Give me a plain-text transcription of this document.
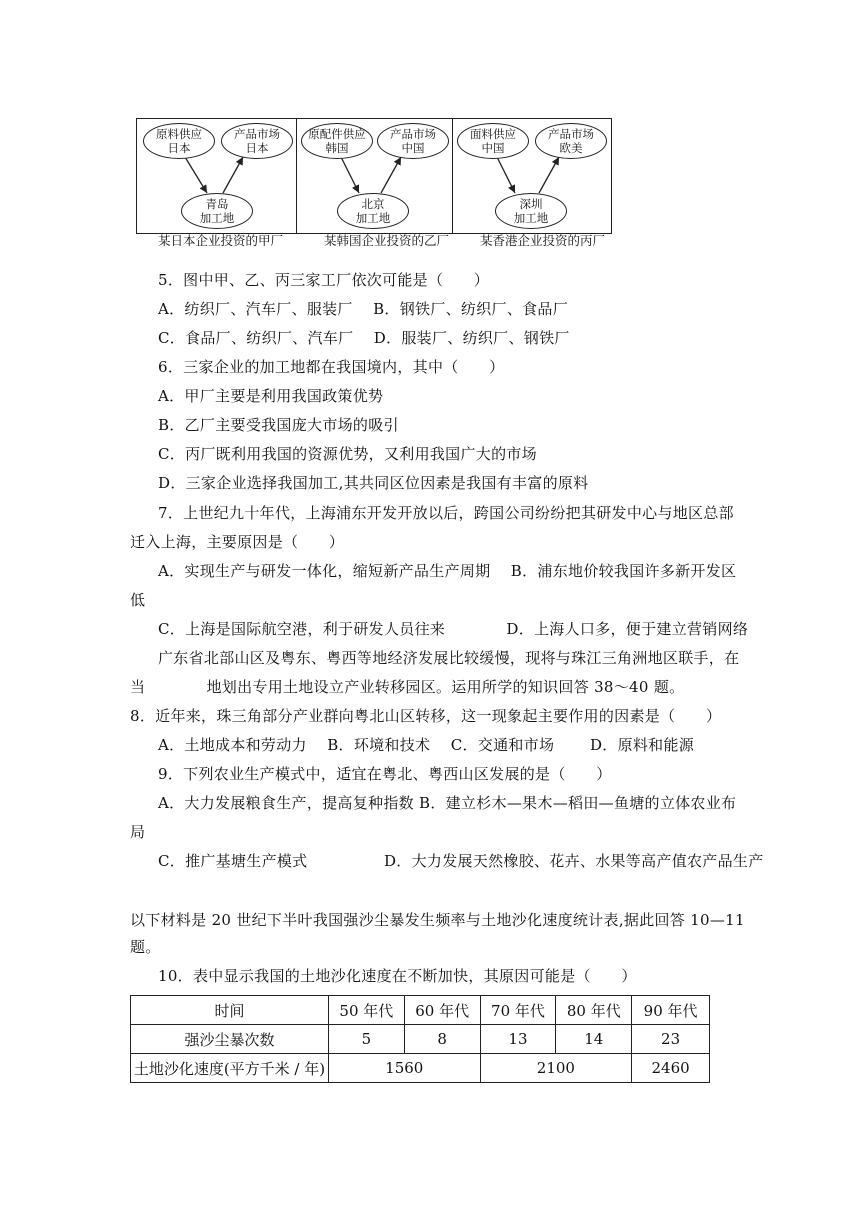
原料供应
日本
产品市场
日本
青岛
加工地
原配件供应
韩国
产品市场
中国
北京
加工地
面料供应
中国
产品市场
欧美
深圳
加工地
某日本企业投资的甲厂	某韩国企业投资的乙厂 某香港企业投资的丙厂
5．图中甲、乙、丙三家工厂依次可能是（　　）
A．纺织厂、汽车厂、服装厂　 B．钢铁厂、纺织厂、食品厂
C．食品厂、纺织厂、汽车厂　 D．服装厂、纺织厂、钢铁厂
6．三家企业的加工地都在我国境内，其中（　　）
A．甲厂主要是利用我国政策优势
B．乙厂主要受我国庞大市场的吸引
C．丙厂既利用我国的资源优势，又利用我国广大的市场
D．三家企业选择我国加工,其共同区位因素是我国有丰富的原料
7．上世纪九十年代，上海浦东开发开放以后，跨国公司纷纷把其研发中心与地区总部
迁入上海，主要原因是（　　）
A．实现生产与研发一体化，缩短新产品生产周期　 B．浦东地价较我国许多新开发区
低
C．上海是国际航空港，利于研发人员往来　　　　D．上海人口多，便于建立营销网络
广东省北部山区及粤东、粤西等地经济发展比较缓慢，现将与珠江三角洲地区联手，在
当　　　　地划出专用土地设立产业转移园区。运用所学的知识回答 38～40 题。
8．近年来，珠三角部分产业群向粤北山区转移，这一现象起主要作用的因素是（　　）
A．土地成本和劳动力　 B．环境和技术　 C．交通和市场　　 D．原料和能源
9．下列农业生产模式中，适宜在粤北、粤西山区发展的是（　　）
A．大力发展粮食生产，提高复种指数 B．建立杉木—果木—稻田—鱼塘的立体农业布
局
C．推广基塘生产模式　　　　　D．大力发展天然橡胶、花卉、水果等高产值农产品生产
以下材料是 20 世纪下半叶我国强沙尘暴发生频率与土地沙化速度统计表,据此回答 10—11
题。
10．表中显示我国的土地沙化速度在不断加快，其原因可能是（　　）
时间	50 年代	60 年代	70 年代	80 年代	90 年代
强沙尘暴次数	5	8	13	14	23
土地沙化速度(平方千米 / 年)	1560		2100		2460
